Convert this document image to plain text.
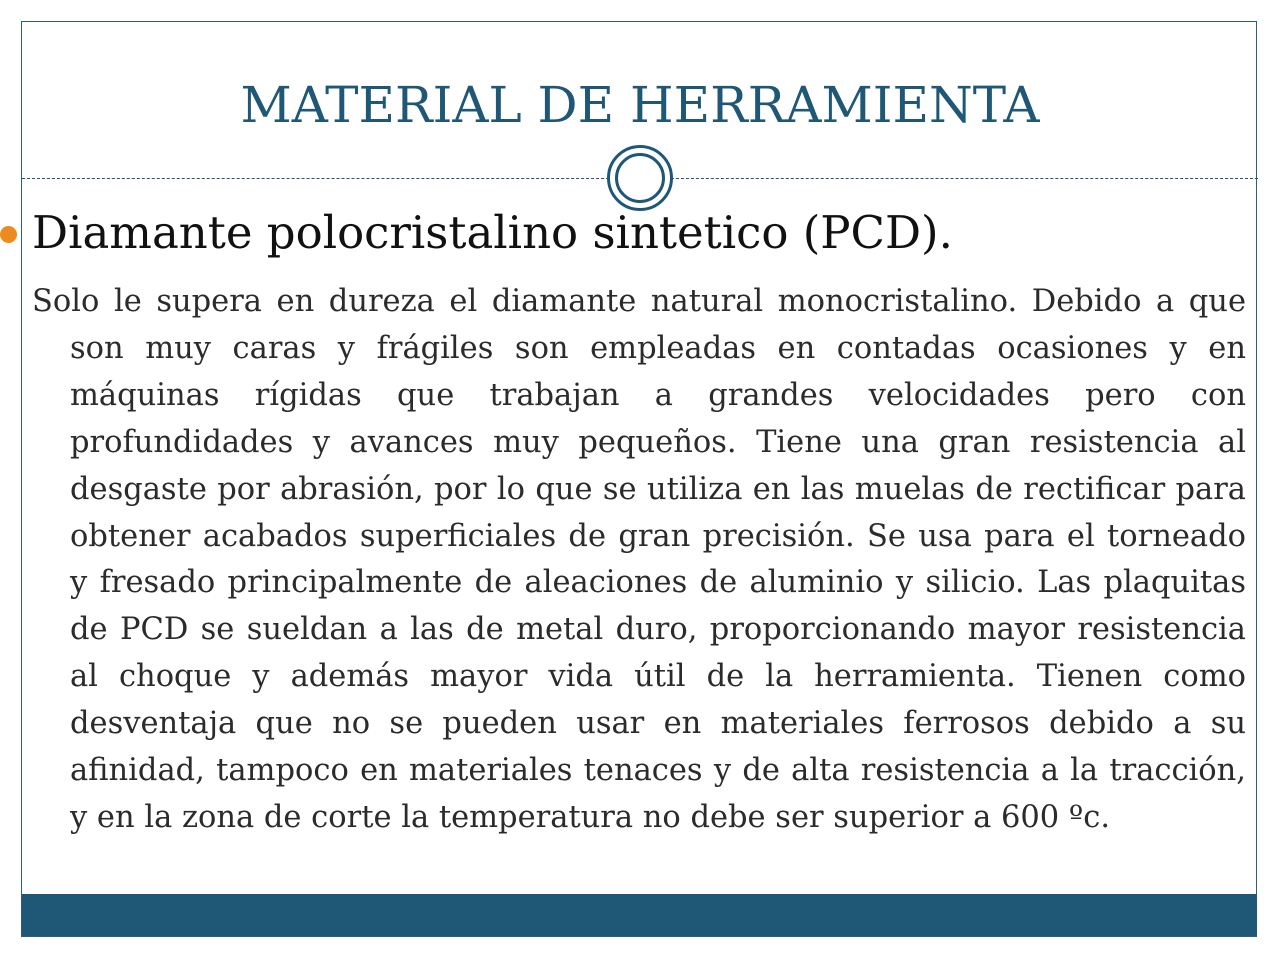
MATERIAL DE HERRAMIENTA

Diamante polocristalino sintetico (PCD).

Solo le supera en dureza el diamante natural monocristalino. Debido a que son muy caras y frágiles son empleadas en contadas ocasiones y en máquinas rígidas que trabajan a grandes velocidades pero con profundidades y avances muy pequeños. Tiene una gran resistencia al desgaste por abrasión, por lo que se utiliza en las muelas de rectificar para obtener acabados superficiales de gran precisión. Se usa para el torneado y fresado principalmente de aleaciones de aluminio y silicio. Las plaquitas de PCD se sueldan a las de metal duro, proporcionando mayor resistencia al choque y además mayor vida útil de la herramienta. Tienen como desventaja que no se pueden usar en materiales ferrosos debido a su afinidad, tampoco en materiales tenaces y de alta resistencia a la tracción, y en la zona de corte la temperatura no debe ser superior a 600 ºc.
